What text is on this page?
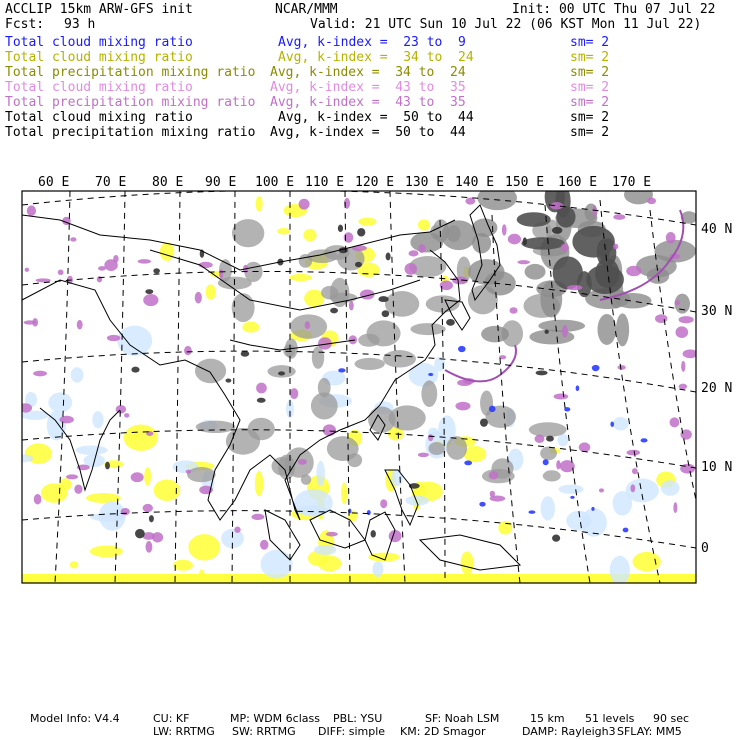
ACCLIP 15km ARW-GFS init	NCAR/MMM	Init: 00 UTC Thu 07 Jul 22
Fcst: 93 h	Valid: 21 UTC Sun 10 Jul 22 (06 KST Mon 11 Jul 22)
Total cloud mixing ratio	Avg, k-index =  23 to  9	sm= 2
Total cloud mixing ratio	Avg, k-index =  34 to  24	sm= 2
Total precipitation mixing ratio Avg, k-index =  34 to  24	sm= 2
Total cloud mixing ratio	Avg, k-index =  43 to  35	sm= 2
Total precipitation mixing ratio Avg, k-index =  43 to  35	sm= 2
Total cloud mixing ratio	Avg, k-index =  50 to  44	sm= 2
Total precipitation mixing ratio Avg, k-index =  50 to  44	sm= 2
60 E 70 E 80 E 90 E 100 E 110 E 120 E 130 E 140 E 150 E 160 E 170 E
40 N
30 N
20 N
10 N
0
Model Info: V4.4	CU: KF	MP: WDM 6class PBL: YSU	SF: Noah LSM	15 km 51 levels 90 sec
LW: RRTMG SW: RRTMG DIFF: simple KM: 2D Smagor	DAMP: Rayleigh3 SFLAY: MM5
